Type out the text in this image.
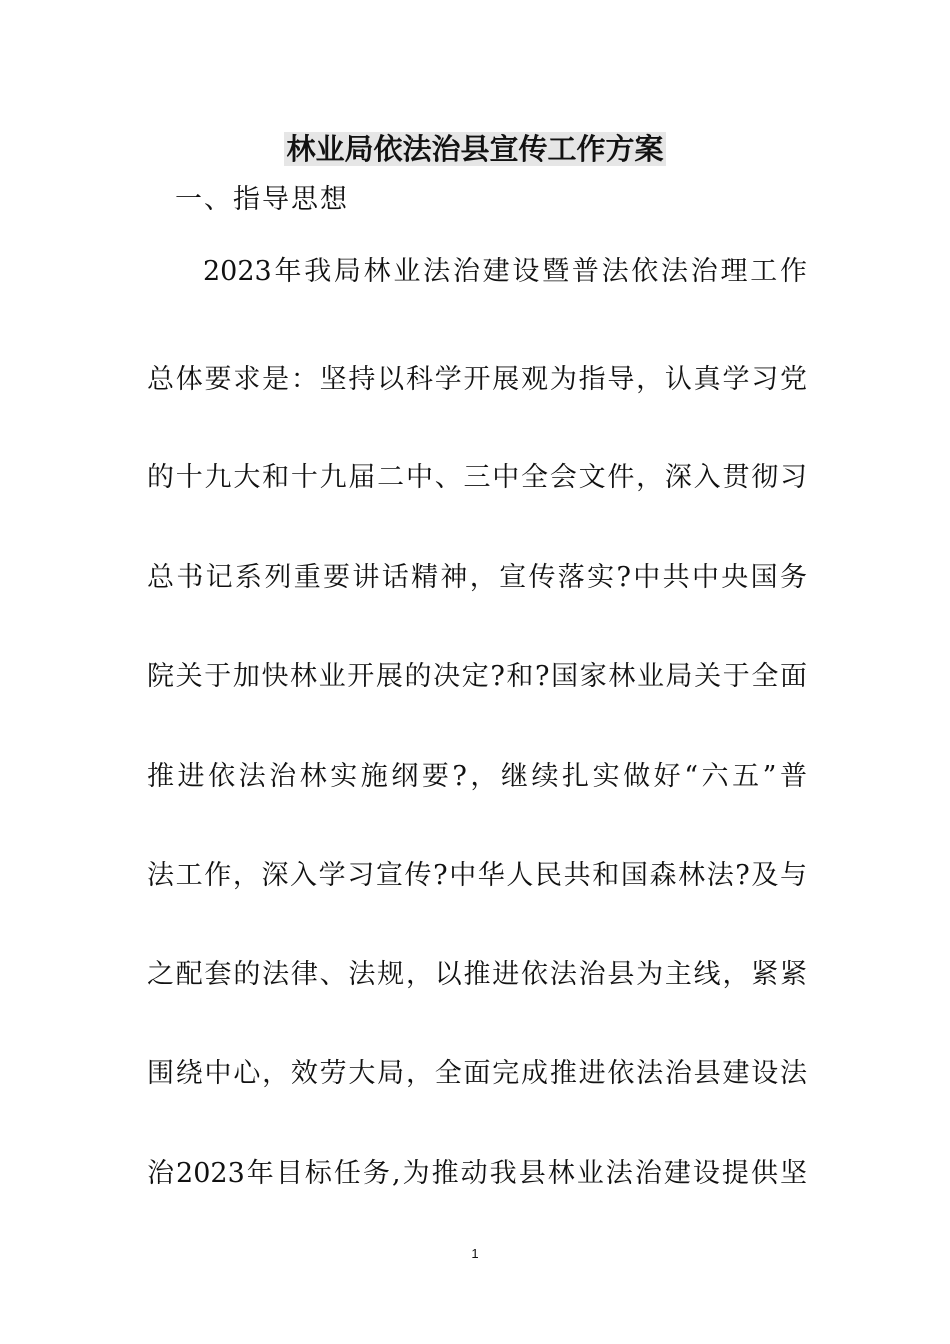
林业局依法治县宣传工作方案
一、指导思想
2023年我局林业法治建设暨普法依法治理工作
总体要求是：坚持以科学开展观为指导，认真学习党
的十九大和十九届二中、三中全会文件，深入贯彻习
总书记系列重要讲话精神，宣传落实?中共中央国务
院关于加快林业开展的决定?和?国家林业局关于全面
推进依法治林实施纲要?，继续扎实做好“六五”普
法工作，深入学习宣传?中华人民共和国森林法?及与
之配套的法律、法规，以推进依法治县为主线，紧紧
围绕中心，效劳大局，全面完成推进依法治县建设法
治2023年目标任务,为推动我县林业法治建设提供坚
1
